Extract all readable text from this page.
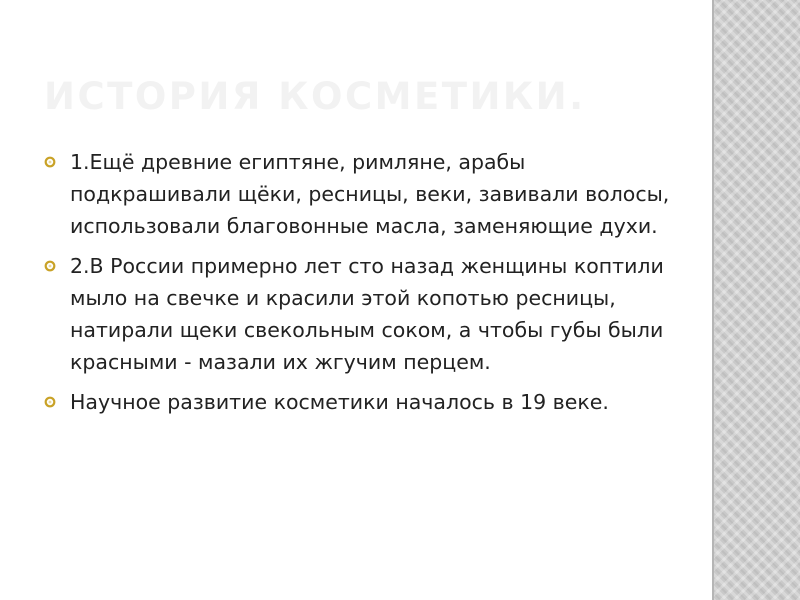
ИСТОРИЯ КОСМЕТИКИ.
1.Ещё древние египтяне, римляне, арабы подкрашивали щёки, ресницы, веки, завивали волосы, использовали благовонные масла, заменяющие духи.
2.В России примерно лет сто назад женщины коптили мыло на свечке и красили этой копотью ресницы, натирали щеки свекольным соком, а чтобы губы были красными - мазали их жгучим перцем.
Научное развитие косметики началось в 19 веке.
